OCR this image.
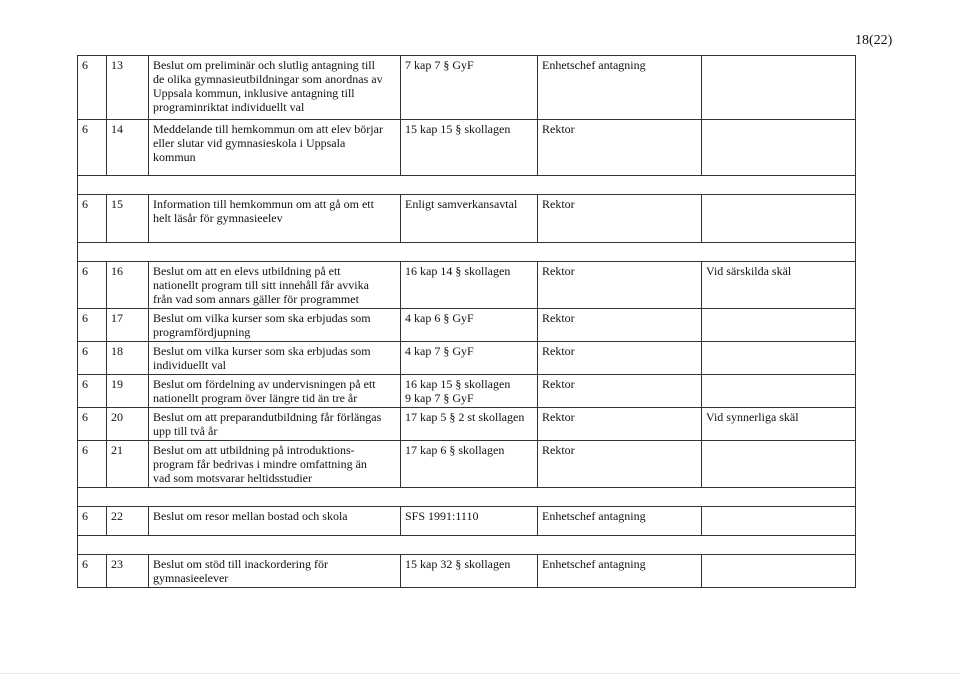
18(22)
6	13	Beslut om preliminär och slutlig antagning till
de olika gymnasieutbildningar som anordnas av
Uppsala kommun, inklusive antagning till
programinriktat individuellt val	7 kap 7 § GyF	Enhetschef antagning	
6	14	Meddelande till hemkommun om att elev börjar
eller slutar vid gymnasieskola i Uppsala
kommun	15 kap 15 § skollagen	Rektor	

6	15	Information till hemkommun om att gå om ett
helt läsår för gymnasieelev	Enligt samverkansavtal	Rektor	

6	16	Beslut om att en elevs utbildning på ett
nationellt program till sitt innehåll får avvika
från vad som annars gäller för programmet	16 kap 14 § skollagen	Rektor	Vid särskilda skäl
6	17	Beslut om vilka kurser som ska erbjudas som
programfördjupning	4 kap 6 § GyF	Rektor	
6	18	Beslut om vilka kurser som ska erbjudas som
individuellt val	4 kap 7 § GyF	Rektor	
6	19	Beslut om fördelning av undervisningen på ett
nationellt program över längre tid än tre år	16 kap 15 § skollagen
9 kap 7 § GyF	Rektor	
6	20	Beslut om att preparandutbildning får förlängas
upp till två år	17 kap 5 § 2 st skollagen	Rektor	Vid synnerliga skäl
6	21	Beslut om att utbildning på introduktions-
program får bedrivas i mindre omfattning än
vad som motsvarar heltidsstudier	17 kap 6 § skollagen	Rektor	

6	22	Beslut om resor mellan bostad och skola	SFS 1991:1110	Enhetschef antagning	

6	23	Beslut om stöd till inackordering för
gymnasieelever	15 kap 32 § skollagen	Enhetschef antagning	
